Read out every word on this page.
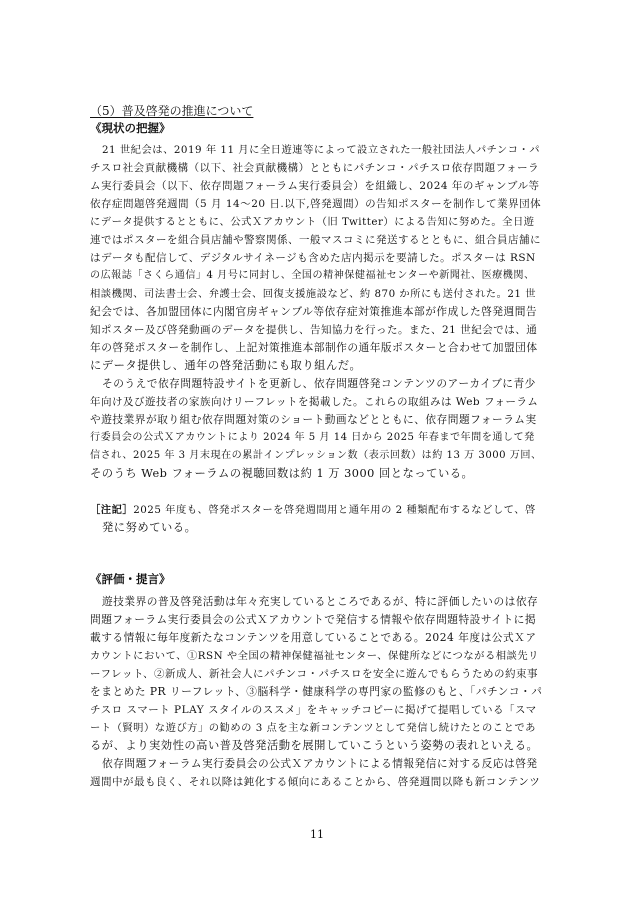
（5）普及啓発の推進について
《現状の把握》
21 世紀会は、2019 年 11 月に全日遊連等によって設立された一般社団法人パチンコ・パ
チスロ社会貢献機構（以下、社会貢献機構）とともにパチンコ・パチスロ依存問題フォーラ
ム実行委員会（以下、依存問題フォーラム実行委員会）を組織し、2024 年のギャンブル等
依存症問題啓発週間（5 月 14～20 日.以下,啓発週間）の告知ポスターを制作して業界団体
にデータ提供するとともに、公式Ｘアカウント（旧 Twitter）による告知に努めた。全日遊
連ではポスターを組合員店舗や警察関係、一般マスコミに発送するとともに、組合員店舗に
はデータも配信して、デジタルサイネージも含めた店内掲示を要請した。ポスターは RSN
の広報誌「さくら通信」4 月号に同封し、全国の精神保健福祉センターや新聞社、医療機関、
相談機関、司法書士会、弁護士会、回復支援施設など、約 870 か所にも送付された。21 世
紀会では、各加盟団体に内閣官房ギャンブル等依存症対策推進本部が作成した啓発週間告
知ポスター及び啓発動画のデータを提供し、告知協力を行った。また、21 世紀会では、通
年の啓発ポスターを制作し、上記対策推進本部制作の通年版ポスターと合わせて加盟団体
にデータ提供し、通年の啓発活動にも取り組んだ。
そのうえで依存問題特設サイトを更新し、依存問題啓発コンテンツのアーカイブに青少
年向け及び遊技者の家族向けリーフレットを掲載した。これらの取組みは Web フォーラム
や遊技業界が取り組む依存問題対策のショート動画などとともに、依存問題フォーラム実
行委員会の公式Ｘアカウントにより 2024 年 5 月 14 日から 2025 年春まで年間を通して発
信され、2025 年 3 月末現在の累計インプレッション数（表示回数）は約 13 万 3000 万回、
そのうち Web フォーラムの視聴回数は約 1 万 3000 回となっている。
［注記］2025 年度も、啓発ポスターを啓発週間用と通年用の 2 種類配布するなどして、啓
発に努めている。
《評価・提言》
遊技業界の普及啓発活動は年々充実しているところであるが、特に評価したいのは依存
問題フォーラム実行委員会の公式Ｘアカウントで発信する情報や依存問題特設サイトに掲
載する情報に毎年度新たなコンテンツを用意していることである。2024 年度は公式Ｘア
カウントにおいて、①RSN や全国の精神保健福祉センター、保健所などにつながる相談先リ
ーフレット、②新成人、新社会人にパチンコ・パチスロを安全に遊んでもらうための約束事
をまとめた PR リーフレット、③脳科学・健康科学の専門家の監修のもと、「パチンコ・パ
チスロ スマート PLAY スタイルのススメ」をキャッチコピーに掲げて提唱している「スマ
ート（賢明）な遊び方」の勧めの 3 点を主な新コンテンツとして発信し続けたとのことであ
るが、より実効性の高い普及啓発活動を展開していこうという姿勢の表れといえる。
依存問題フォーラム実行委員会の公式Ｘアカウントによる情報発信に対する反応は啓発
週間中が最も良く、それ以降は鈍化する傾向にあることから、啓発週間以降も新コンテンツ
11
